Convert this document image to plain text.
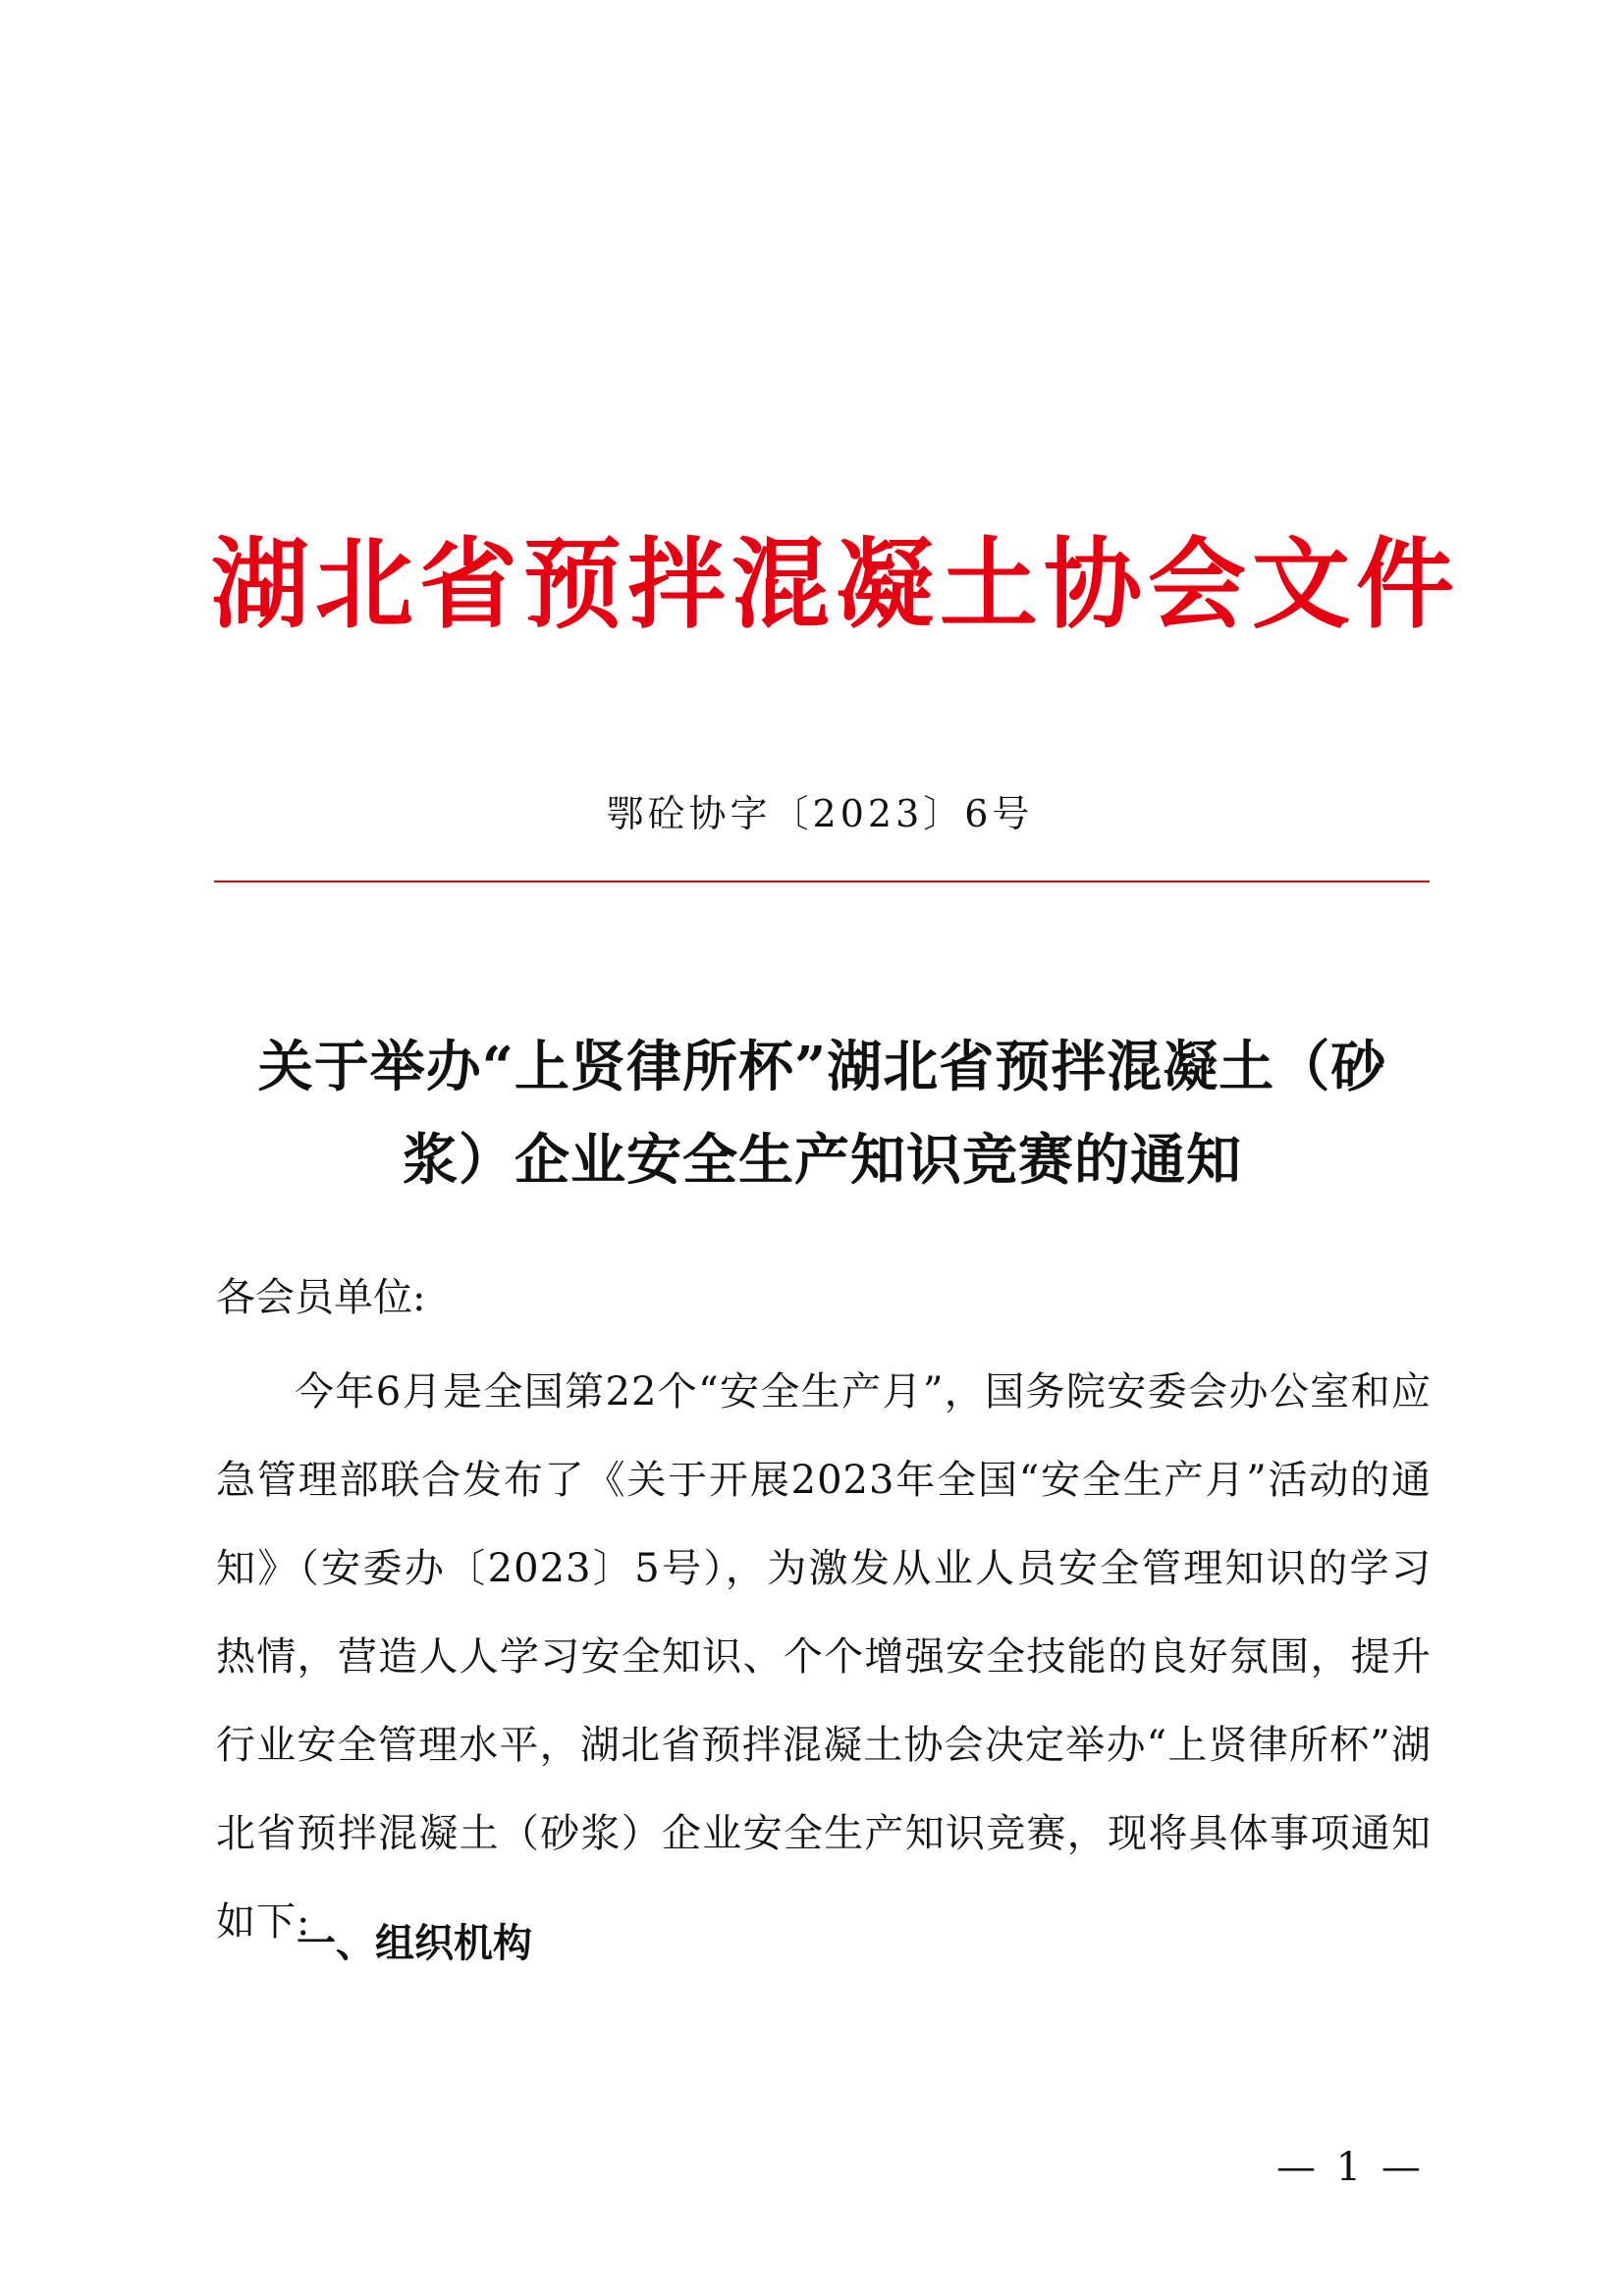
湖北省预拌混凝土协会文件
鄂砼协字〔2023〕6号
关于举办“上贤律所杯”湖北省预拌混凝土（砂
浆）企业安全生产知识竞赛的通知
各会员单位:

今年6月是全国第22个“安全生产月”，国务院安委会办公室和应急管理部联合发布了《关于开展2023年全国“安全生产月”活动的通知》（安委办〔2023〕5号），为激发从业人员安全管理知识的学习热情，营造人人学习安全知识、个个增强安全技能的良好氛围，提升行业安全管理水平，湖北省预拌混凝土协会决定举办“上贤律所杯”湖北省预拌混凝土（砂浆）企业安全生产知识竞赛，现将具体事项通知如下:

一、组织机构
— 1 —
